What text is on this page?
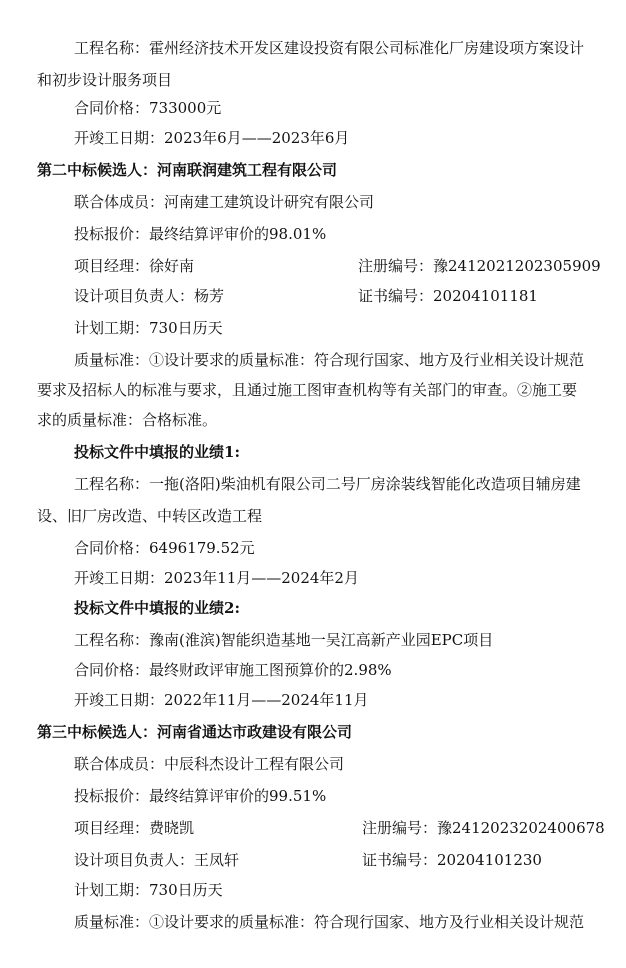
工程名称：霍州经济技术开发区建设投资有限公司标准化厂房建设项方案设计
和初步设计服务项目
合同价格：733000元
开竣工日期：2023年6月——2023年6月
第二中标候选人：河南联润建筑工程有限公司
联合体成员：河南建工建筑设计研究有限公司
投标报价：最终结算评审价的98.01%
项目经理：徐好南	注册编号：豫2412021202305909
设计项目负责人：杨芳	证书编号：20204101181
计划工期：730日历天
质量标准：①设计要求的质量标准：符合现行国家、地方及行业相关设计规范
要求及招标人的标准与要求，且通过施工图审查机构等有关部门的审查。②施工要
求的质量标准：合格标准。
投标文件中填报的业绩1:
工程名称：一拖(洛阳)柴油机有限公司二号厂房涂装线智能化改造项目辅房建
设、旧厂房改造、中转区改造工程
合同价格：6496179.52元
开竣工日期：2023年11月——2024年2月
投标文件中填报的业绩2:
工程名称：豫南(淮滨)智能织造基地一吴江高新产业园EPC项目
合同价格：最终财政评审施工图预算价的2.98%
开竣工日期：2022年11月——2024年11月
第三中标候选人：河南省通达市政建设有限公司
联合体成员：中辰科杰设计工程有限公司
投标报价：最终结算评审价的99.51%
项目经理：费晓凯	注册编号：豫2412023202400678
设计项目负责人：王凤轩	证书编号：20204101230
计划工期：730日历天
质量标准：①设计要求的质量标准：符合现行国家、地方及行业相关设计规范
